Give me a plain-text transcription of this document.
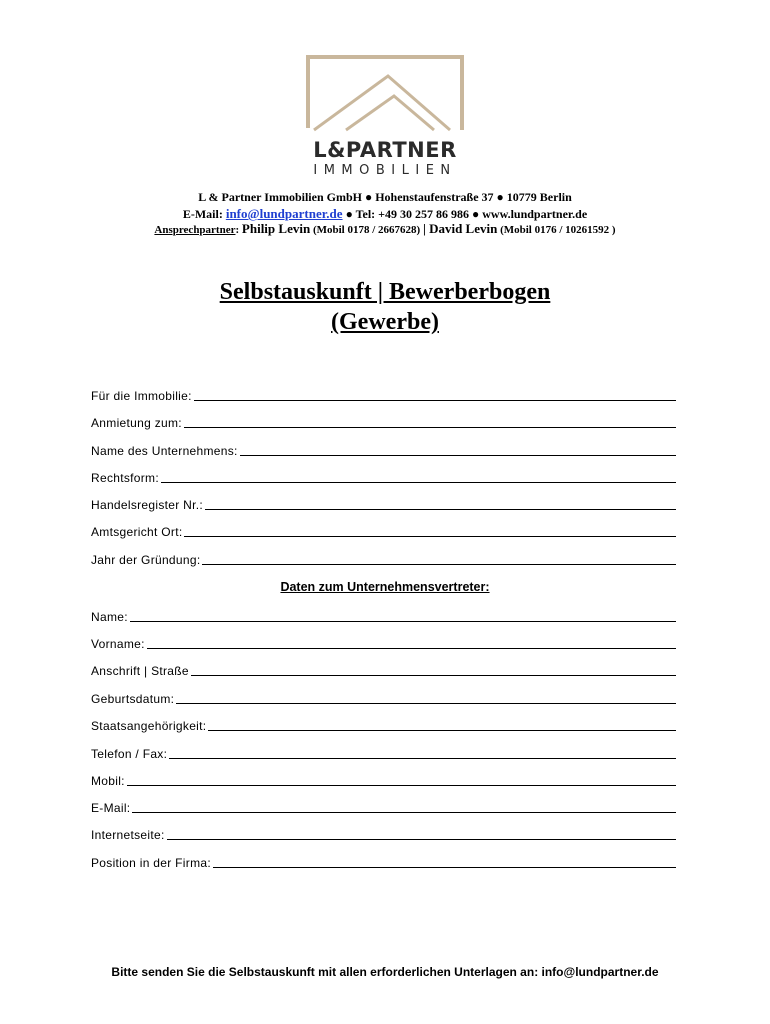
L&PARTNER
IMMOBILIEN
L & Partner Immobilien GmbH ● Hohenstaufenstraße 37 ● 10779 Berlin
E-Mail: info@lundpartner.de ● Tel: +49 30 257 86 986 ● www.lundpartner.de
Ansprechpartner: Philip Levin (Mobil 0178 / 2667628) | David Levin (Mobil 0176 / 10261592 )
Selbstauskunft | Bewerberbogen
(Gewerbe)
Für die Immobilie:
Anmietung zum:
Name des Unternehmens:
Rechtsform:
Handelsregister Nr.:
Amtsgericht Ort:
Jahr der Gründung:
Daten zum Unternehmensvertreter:
Name:
Vorname:
Anschrift | Straße
Geburtsdatum:
Staatsangehörigkeit:
Telefon / Fax:
Mobil:
E-Mail:
Internetseite:
Position in der Firma:
Bitte senden Sie die Selbstauskunft mit allen erforderlichen Unterlagen an: info@lundpartner.de
